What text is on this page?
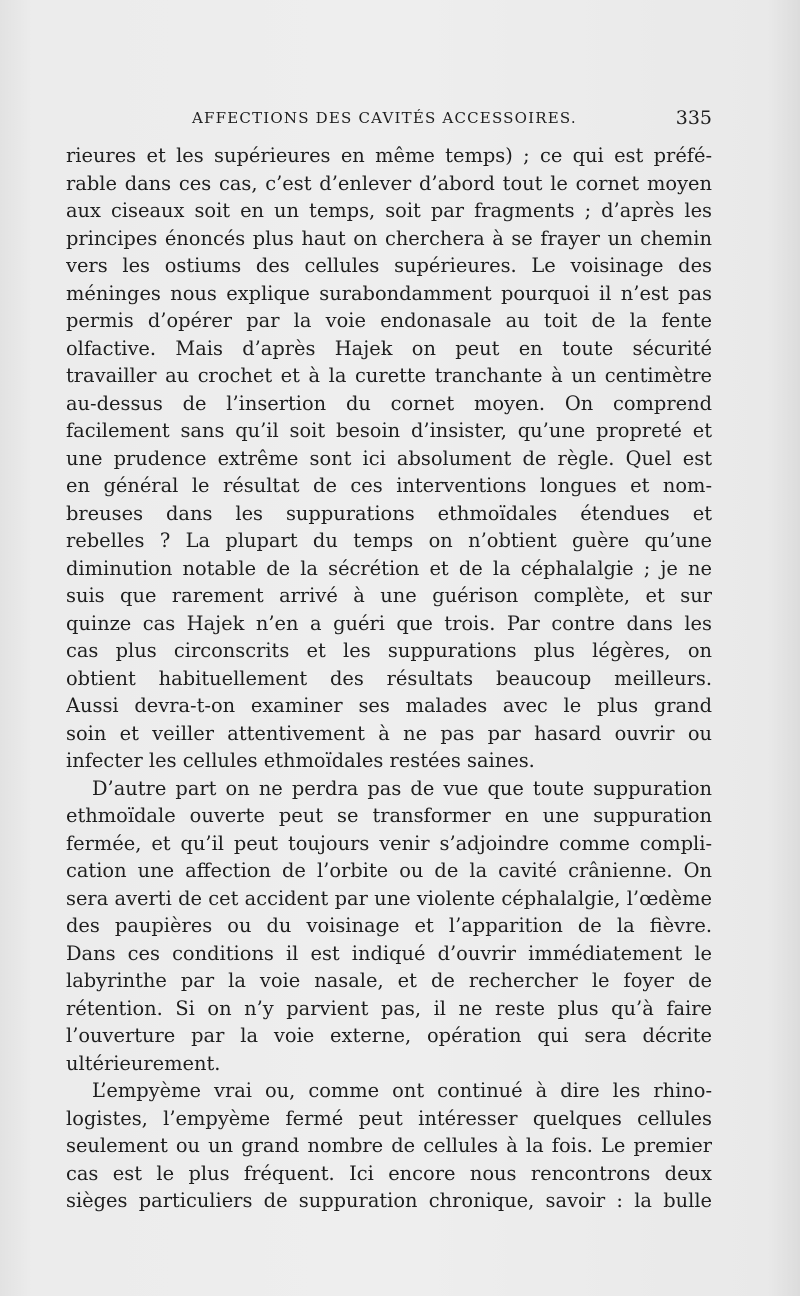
AFFECTIONS DES CAVITÉS ACCESSOIRES.	335
rieures et les supérieures en même temps) ; ce qui est préfé-
rable dans ces cas, c’est d’enlever d’abord tout le cornet moyen
aux ciseaux soit en un temps, soit par fragments ; d’après les
principes énoncés plus haut on cherchera à se frayer un chemin
vers les ostiums des cellules supérieures. Le voisinage des
méninges nous explique surabondamment pourquoi il n’est pas
permis d’opérer par la voie endonasale au toit de la fente
olfactive. Mais d’après Hajek on peut en toute sécurité
travailler au crochet et à la curette tranchante à un centimètre
au-dessus de l’insertion du cornet moyen. On comprend
facilement sans qu’il soit besoin d’insister, qu’une propreté et
une prudence extrême sont ici absolument de règle. Quel est
en général le résultat de ces interventions longues et nom-
breuses dans les suppurations ethmoïdales étendues et
rebelles ? La plupart du temps on n’obtient guère qu’une
diminution notable de la sécrétion et de la céphalalgie ; je ne
suis que rarement arrivé à une guérison complète, et sur
quinze cas Hajek n’en a guéri que trois. Par contre dans les
cas plus circonscrits et les suppurations plus légères, on
obtient habituellement des résultats beaucoup meilleurs.
Aussi devra-t-on examiner ses malades avec le plus grand
soin et veiller attentivement à ne pas par hasard ouvrir ou
infecter les cellules ethmoïdales restées saines.
D’autre part on ne perdra pas de vue que toute suppuration
ethmoïdale ouverte peut se transformer en une suppuration
fermée, et qu’il peut toujours venir s’adjoindre comme compli-
cation une affection de l’orbite ou de la cavité crânienne. On
sera averti de cet accident par une violente céphalalgie, l’œdème
des paupières ou du voisinage et l’apparition de la fièvre.
Dans ces conditions il est indiqué d’ouvrir immédiatement le
labyrinthe par la voie nasale, et de rechercher le foyer de
rétention. Si on n’y parvient pas, il ne reste plus qu’à faire
l’ouverture par la voie externe, opération qui sera décrite
ultérieurement.
L’empyème vrai ou, comme ont continué à dire les rhino-
logistes, l’empyème fermé peut intéresser quelques cellules
seulement ou un grand nombre de cellules à la fois. Le premier
cas est le plus fréquent. Ici encore nous rencontrons deux
sièges particuliers de suppuration chronique, savoir : la bulle
